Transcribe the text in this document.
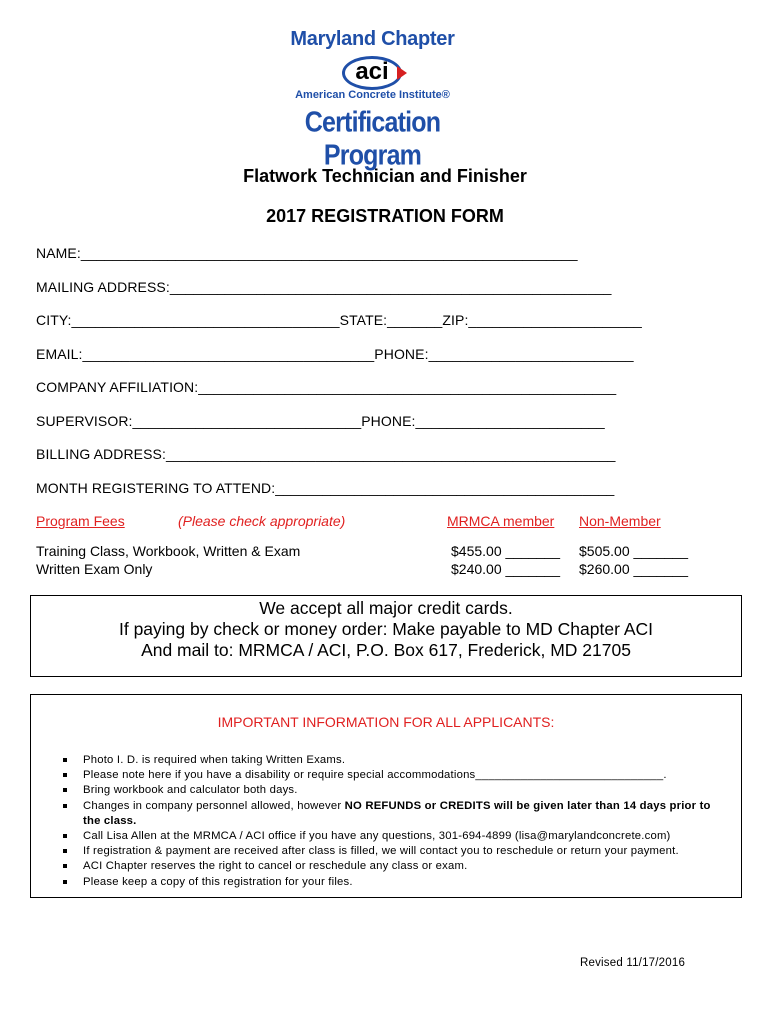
Maryland Chapter
aci
American Concrete Institute®
Certification Program
Flatwork Technician and Finisher
2017 REGISTRATION FORM
NAME:_______________________________________________________________
MAILING ADDRESS:________________________________________________________
CITY:__________________________________STATE:_______ZIP:______________________
EMAIL:_____________________________________PHONE:__________________________
COMPANY AFFILIATION:_____________________________________________________
SUPERVISOR:_____________________________PHONE:________________________
BILLING ADDRESS:_________________________________________________________
MONTH REGISTERING TO ATTEND:___________________________________________
Program Fees	(Please check appropriate)	MRMCA member Non-Member
Training Class, Workbook, Written & Exam	$455.00 _______ $505.00 _______
Written Exam Only	$240.00 _______ $260.00 _______
We accept all major credit cards.
If paying by check or money order: Make payable to MD Chapter ACI
And mail to: MRMCA / ACI, P.O. Box 617, Frederick, MD 21705
IMPORTANT INFORMATION FOR ALL APPLICANTS:
Photo I. D. is required when taking Written Exams.
Please note here if you have a disability or require special accommodations_____________________________.
Bring workbook and calculator both days.
Changes in company personnel allowed, however NO REFUNDS or CREDITS will be given later than 14 days prior to the class.
Call Lisa Allen at the MRMCA / ACI office if you have any questions, 301-694-4899 (lisa@marylandconcrete.com)
If registration & payment are received after class is filled, we will contact you to reschedule or return your payment.
ACI Chapter reserves the right to cancel or reschedule any class or exam.
Please keep a copy of this registration for your files.
Revised 11/17/2016
